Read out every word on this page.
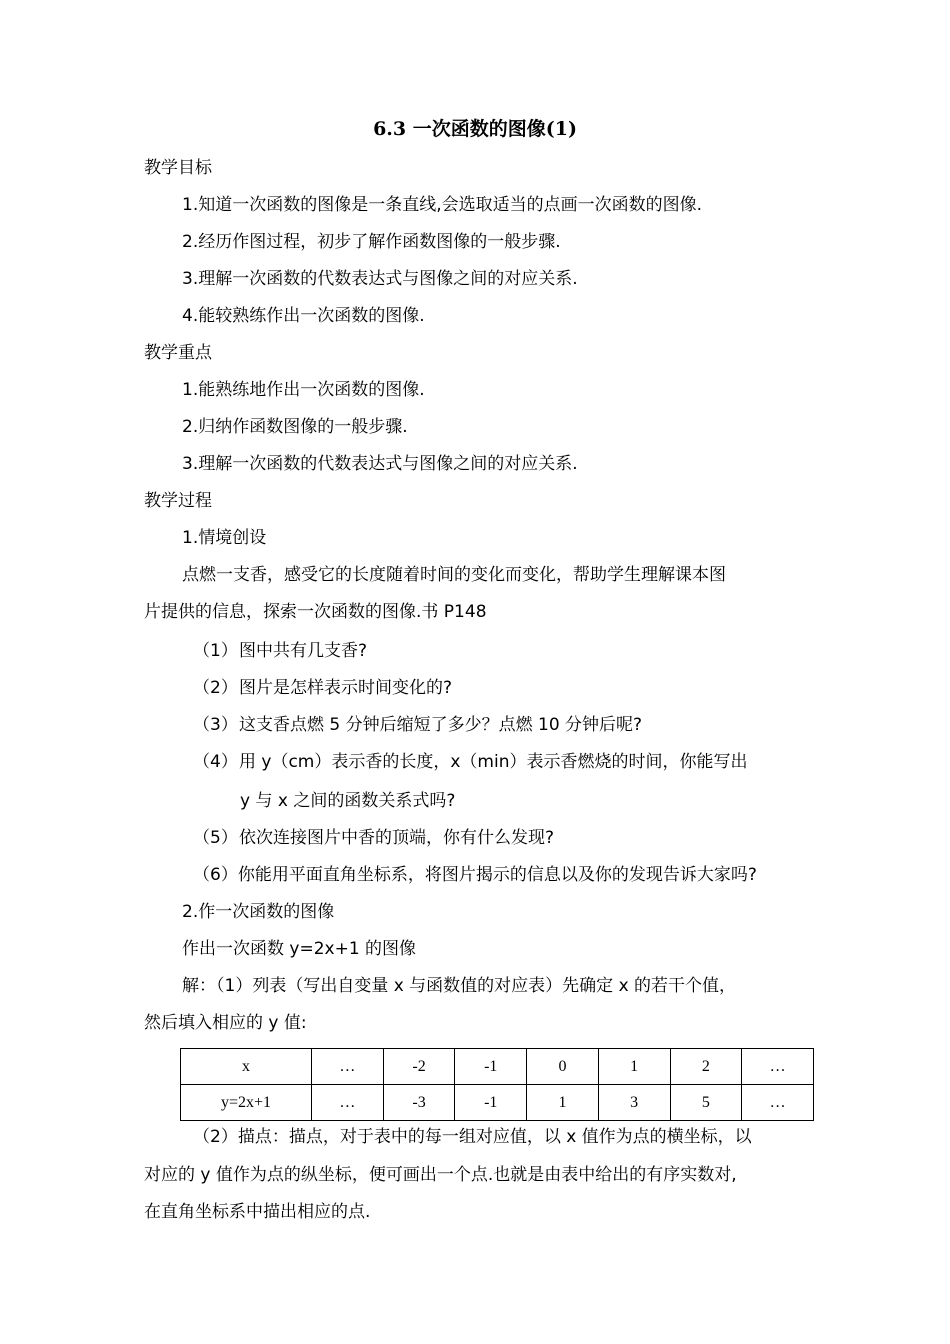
6.3 一次函数的图像(1)
教学目标
1.知道一次函数的图像是一条直线,会选取适当的点画一次函数的图像.
2.经历作图过程，初步了解作函数图像的一般步骤.
3.理解一次函数的代数表达式与图像之间的对应关系.
4.能较熟练作出一次函数的图像.
教学重点
1.能熟练地作出一次函数的图像.
2.归纳作函数图像的一般步骤.
3.理解一次函数的代数表达式与图像之间的对应关系.
教学过程
1.情境创设
点燃一支香，感受它的长度随着时间的变化而变化，帮助学生理解课本图
片提供的信息，探索一次函数的图像.书 P148
（1）图中共有几支香?
（2）图片是怎样表示时间变化的?
（3）这支香点燃 5 分钟后缩短了多少？点燃 10 分钟后呢?
（4）用 y（cm）表示香的长度，x（min）表示香燃烧的时间，你能写出
y 与 x 之间的函数关系式吗?
（5）依次连接图片中香的顶端，你有什么发现?
（6）你能用平面直角坐标系，将图片揭示的信息以及你的发现告诉大家吗?
2.作一次函数的图像
作出一次函数 y=2x+1 的图像
解：（1）列表（写出自变量 x 与函数值的对应表）先确定 x 的若干个值，
然后填入相应的 y 值:
x	…	-2	-1	0	1	2	…
y=2x+1	…	-3	-1	1	3	5	…
（2）描点：描点，对于表中的每一组对应值，以 x 值作为点的横坐标，以
对应的 y 值作为点的纵坐标，便可画出一个点.也就是由表中给出的有序实数对,
在直角坐标系中描出相应的点.
